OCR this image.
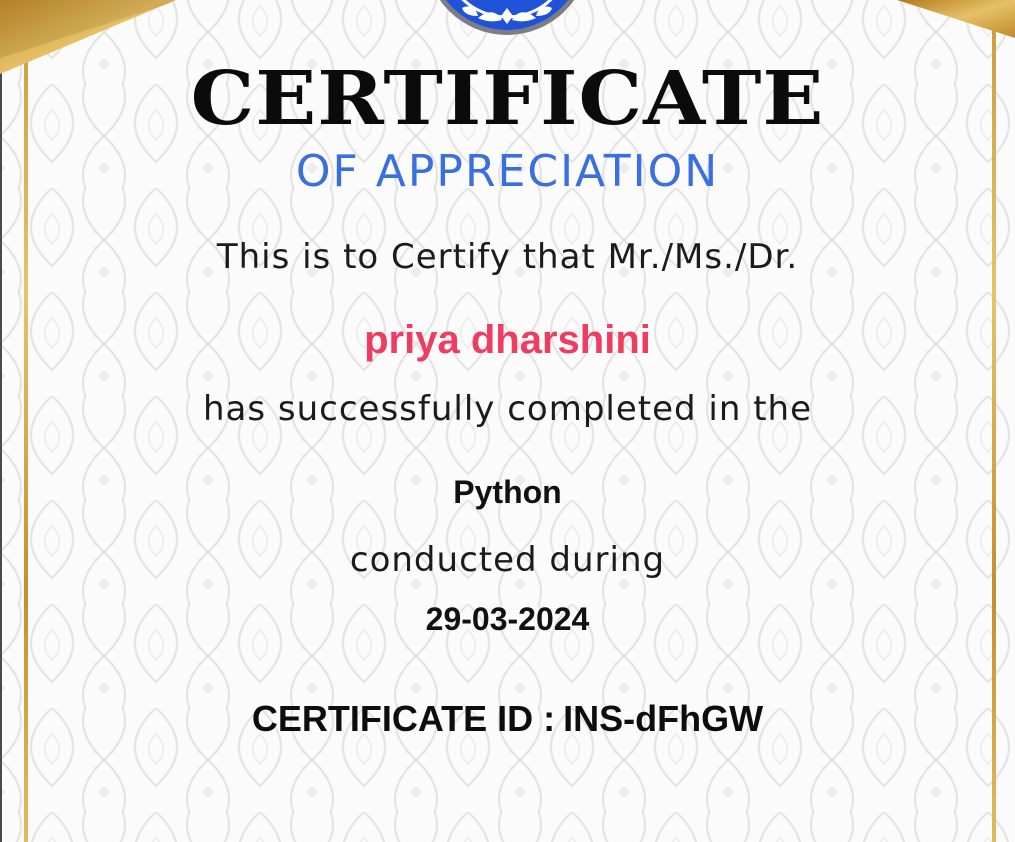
CERTIFICATE
OF APPRECIATION
This is to Certify that Mr./Ms./Dr.
priya dharshini
has successfully completed in the
Python
conducted during
29-03-2024
CERTIFICATE ID : INS-dFhGW
